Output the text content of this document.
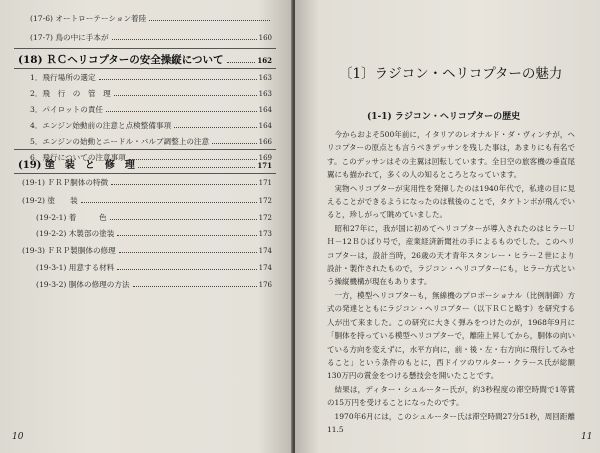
(17-6) オートローテーション着陸
(17-7) 鳥の中に手本が	160
(18) ＲＣヘリコプターの安全操縦について	162
1．飛行場所の選定	163
2．飛　行　の　管　理	163
3．パイロットの責任	164
4．エンジン始動前の注意と点検整備事項	164
5．エンジンの始動とニードル・バルブ調整上の注意	166
6．飛行についての注意事項	169
(19) 塗　装　と　修　理	171
(19-1) ＦＲＰ胴体の特徴	171
(19-2) 塗　　装	172
(19-2-1) 着　　　色	172
(19-2-2) 木製部の塗装	173
(19-3) ＦＲＰ製胴体の修理	174
(19-3-1) 用意する材料	174
(19-3-2) 胴体の修理の方法	176
10
〔1〕ラジコン・ヘリコプターの魅力
(1-1) ラジコン・ヘリコプターの歴史

今からおよそ500年前に，イタリアのレオナルド・ダ・ヴィンチが，ヘリコプターの原点とも言うべきデッサンを残した事は，あまりにも有名です。このデッサンはその主翼は回転しています。全日空の旅客機の垂直尾翼にも描かれて，多くの人の知るところとなっています。

実物ヘリコプターが実用性を発揮したのは1940年代で，私達の目に見えることができるようになったのは戦後のことで，タケトンボが飛んでいると，珍しがって眺めていました。

昭和27年に，我が国に初めてヘリコプターが導入されたのはヒラーＵＨ－12Ｂひばり号で，産業経済新聞社の手によるものでした。このヘリコプターは，設計当時，26歳の天才青年スタンレー・ヒラー２世により設計・製作されたもので，ラジコン・ヘリコプターにも，ヒラー方式という操縦機構が現在もあります。

一方，模型ヘリコプターも，無線機のプロポーショナル（比例制御）方式の発達とともにラジコン・ヘリコプター（以下ＲＣと略す）を研究する人が出て来ました。この研究に大きく弾みをつけたのが，1968年9月に「胴体を持っている模型ヘリコプターで，離陸上昇してから，胴体の向いている方向を変えずに，水平方向に，前・後・左・右方向に飛行してみせること」という条件のもとに，西ドイツのワルター・クラース氏が総額130万円の賞金をつける懸技会を開いたことです。

結果は，ディター・シュルーター氏が，約3秒程度の滞空時間で1等賞の15万円を受けることになったのです。

1970年6月には，このシュルーター氏は滞空時間27分51秒，周回距離11.5

11
